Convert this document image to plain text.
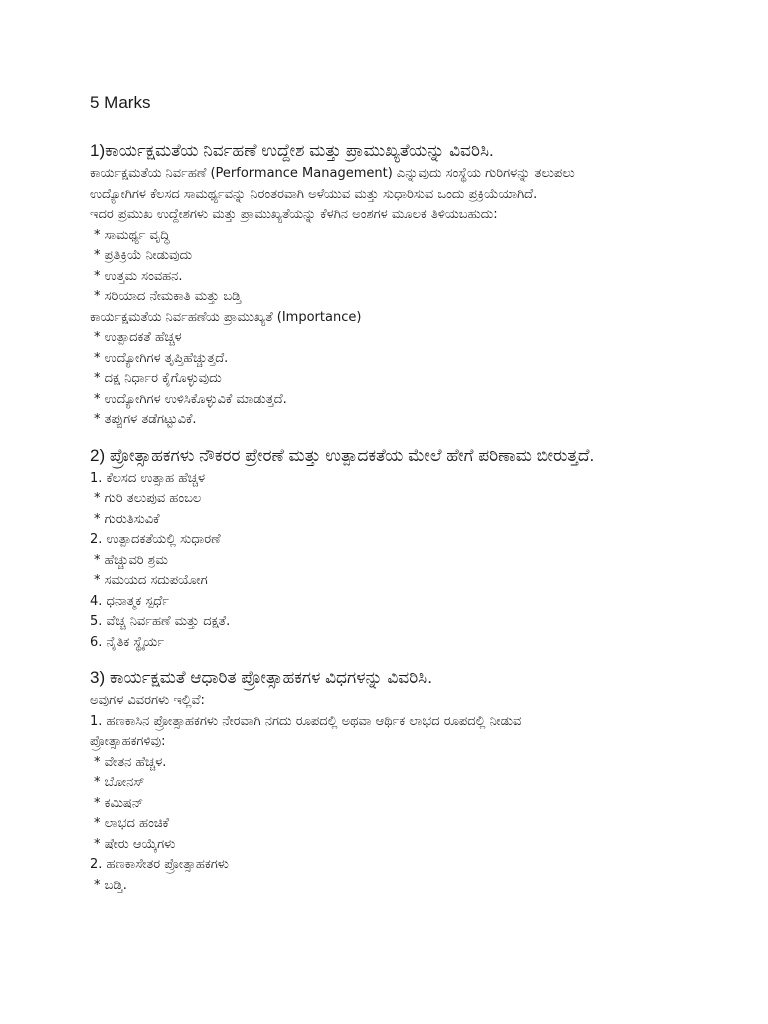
5 Marks
1)ಕಾರ್ಯಕ್ಷಮತೆಯ ನಿರ್ವಹಣೆ ಉದ್ದೇಶ ಮತ್ತು ಪ್ರಾಮುಖ್ಯತೆಯನ್ನು ವಿವರಿಸಿ.
ಕಾರ್ಯಕ್ಷಮತೆಯ ನಿರ್ವಹಣೆ (Performance Management) ಎನ್ನುವುದು ಸಂಸ್ಥೆಯ ಗುರಿಗಳನ್ನು ತಲುಪಲು
ಉದ್ಯೋಗಿಗಳ ಕೆಲಸದ ಸಾಮರ್ಥ್ಯವನ್ನು ನಿರಂತರವಾಗಿ ಅಳೆಯುವ ಮತ್ತು ಸುಧಾರಿಸುವ ಒಂದು ಪ್ರಕ್ರಿಯೆಯಾಗಿದೆ.
ಇದರ ಪ್ರಮುಖ ಉದ್ದೇಶಗಳು ಮತ್ತು ಪ್ರಾಮುಖ್ಯತೆಯನ್ನು ಕೆಳಗಿನ ಅಂಶಗಳ ಮೂಲಕ ತಿಳಿಯಬಹುದು:
* ಸಾಮರ್ಥ್ಯ ವೃದ್ಧಿ
* ಪ್ರತಿಕ್ರಿಯೆ ನೀಡುವುದು
* ಉತ್ತಮ ಸಂವಹನ.
* ಸರಿಯಾದ ನೇಮಕಾತಿ ಮತ್ತು ಬಡ್ತಿ
ಕಾರ್ಯಕ್ಷಮತೆಯ ನಿರ್ವಹಣೆಯ ಪ್ರಾಮುಖ್ಯತೆ (Importance)
* ಉತ್ಪಾದಕತೆ ಹೆಚ್ಚಳ
* ಉದ್ಯೋಗಿಗಳ ತೃಪ್ತಿಹೆಚ್ಚುತ್ತದೆ.
* ದಕ್ಷ ನಿರ್ಧಾರ ಕೈಗೊಳ್ಳುವುದು
* ಉದ್ಯೋಗಿಗಳ ಉಳಿಸಿಕೊಳ್ಳುವಿಕೆ ಮಾಡುತ್ತದೆ.
* ತಪ್ಪುಗಳ ತಡೆಗಟ್ಟುವಿಕೆ.
2) ಪ್ರೋತ್ಸಾಹಕಗಳು ನೌಕರರ ಪ್ರೇರಣೆ ಮತ್ತು ಉತ್ಪಾದಕತೆಯ ಮೇಲೆ ಹೇಗೆ ಪರಿಣಾಮ ಬೀರುತ್ತದೆ.
1. ಕೆಲಸದ ಉತ್ಸಾಹ ಹೆಚ್ಚಳ
* ಗುರಿ ತಲುಪುವ ಹಂಬಲ
* ಗುರುತಿಸುವಿಕೆ
2. ಉತ್ಪಾದಕತೆಯಲ್ಲಿ ಸುಧಾರಣೆ
* ಹೆಚ್ಚುವರಿ ಶ್ರಮ
* ಸಮಯದ ಸದುಪಯೋಗ
4. ಧನಾತ್ಮಕ ಸ್ಪರ್ಧೆ
5. ವೆಚ್ಚ ನಿರ್ವಹಣೆ ಮತ್ತು ದಕ್ಷತೆ.
6. ನೈತಿಕ ಸ್ಥೈರ್ಯ
3) ಕಾರ್ಯಕ್ಷಮತೆ ಆಧಾರಿತ ಪ್ರೋತ್ಸಾಹಕಗಳ ವಿಧಗಳನ್ನು ವಿವರಿಸಿ.
ಅವುಗಳ ವಿವರಗಳು ಇಲ್ಲಿವೆ:
1. ಹಣಕಾಸಿನ ಪ್ರೋತ್ಸಾಹಕಗಳು ನೇರವಾಗಿ ನಗದು ರೂಪದಲ್ಲಿ ಅಥವಾ ಆರ್ಥಿಕ ಲಾಭದ ರೂಪದಲ್ಲಿ ನೀಡುವ
ಪ್ರೋತ್ಸಾಹಕಗಳಿವು:
* ವೇತನ ಹೆಚ್ಚಳ.
* ಬೋನಸ್
* ಕಮಿಷನ್
* ಲಾಭದ ಹಂಚಿಕೆ
* ಷೇರು ಆಯ್ಕೆಗಳು
2. ಹಣಕಾಸೇತರ ಪ್ರೋತ್ಸಾಹಕಗಳು
* ಬಡ್ತಿ.
